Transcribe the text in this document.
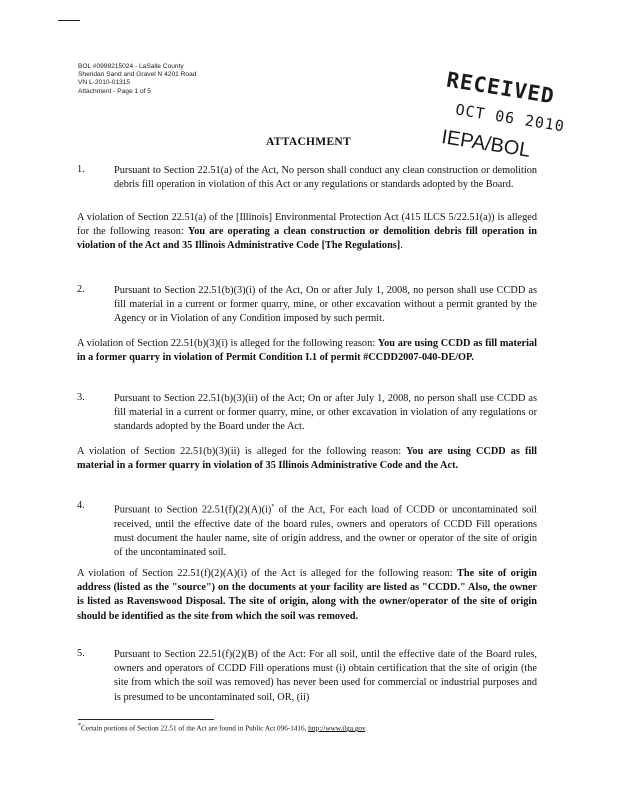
BOL #0998215024 - LaSalle County
Sheridan Sand and Gravel N 4201 Road
VN L-2010-01315
Attachment - Page 1 of 5	RECEIVED
OCT 06 2010
IEPA/BOL
ATTACHMENT
1.	Pursuant to Section 22.51(a) of the Act, No person shall conduct any clean construction or demolition debris fill operation in violation of this Act or any regulations or standards adopted by the Board.
A violation of Section 22.51(a) of the [Illinois] Environmental Protection Act (415 ILCS 5/22.51(a)) is alleged for the following reason: You are operating a clean construction or demolition debris fill operation in violation of the Act and 35 Illinois Administrative Code [The Regulations].
2.	Pursuant to Section 22.51(b)(3)(i) of the Act, On or after July 1, 2008, no person shall use CCDD as fill material in a current or former quarry, mine, or other excavation without a permit granted by the Agency or in Violation of any Condition imposed by such permit.
A violation of Section 22.51(b)(3)(i) is alleged for the following reason: You are using CCDD as fill material in a former quarry in violation of Permit Condition I.1 of permit #CCDD2007-040-DE/OP.
3.	Pursuant to Section 22.51(b)(3)(ii) of the Act; On or after July 1, 2008, no person shall use CCDD as fill material in a current or former quarry, mine, or other excavation in violation of any regulations or standards adopted by the Board under the Act.
A violation of Section 22.51(b)(3)(ii) is alleged for the following reason: You are using CCDD as fill material in a former quarry in violation of 35 Illinois Administrative Code and the Act.
4.	Pursuant to Section 22.51(f)(2)(A)(i)* of the Act, For each load of CCDD or uncontaminated soil received, until the effective date of the board rules, owners and operators of CCDD Fill operations must document the hauler name, site of origin address, and the owner or operator of the site of origin of the uncontaminated soil.
A violation of Section 22.51(f)(2)(A)(i) of the Act is alleged for the following reason: The site of origin address (listed as the "source") on the documents at your facility are listed as "CCDD." Also, the owner is listed as Ravenswood Disposal. The site of origin, along with the owner/operator of the site of origin should be identified as the site from which the soil was removed.
5.	Pursuant to Section 22.51(f)(2)(B) of the Act: For all soil, until the effective date of the Board rules, owners and operators of CCDD Fill operations must (i) obtain certification that the site of origin (the site from which the soil was removed) has never been used for commercial or industrial purposes and is presumed to be uncontaminated soil, OR, (ii)
*Certain portions of Section 22.51 of the Act are found in Public Act 096-1416, http://www.ilga.gov.
